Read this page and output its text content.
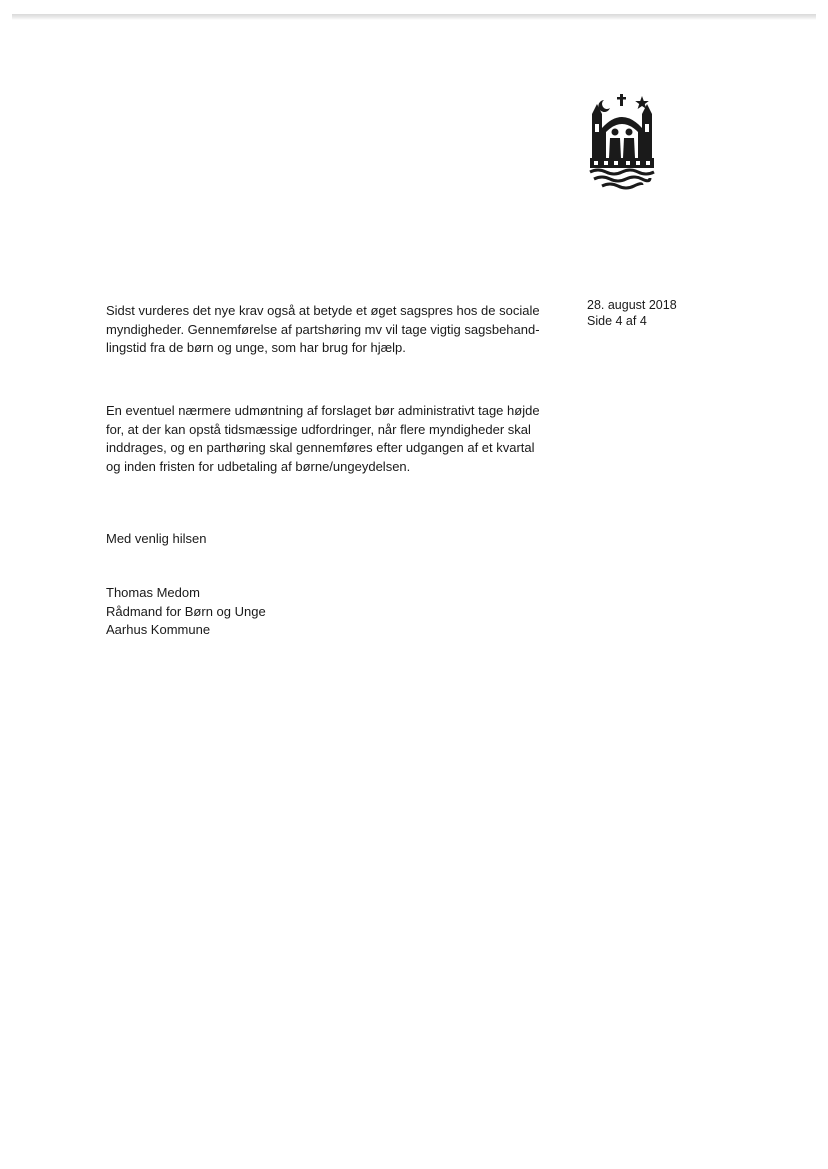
28. august 2018
Side 4 af 4
Sidst vurderes det nye krav også at betyde et øget sagspres hos de sociale
myndigheder. Gennemførelse af partshøring mv vil tage vigtig sagsbehand-
lingstid fra de børn og unge, som har brug for hjælp.
En eventuel nærmere udmøntning af forslaget bør administrativt tage højde
for, at der kan opstå tidsmæssige udfordringer, når flere myndigheder skal
inddrages, og en parthøring skal gennemføres efter udgangen af et kvartal
og inden fristen for udbetaling af børne/ungeydelsen.
Med venlig hilsen
Thomas Medom
Rådmand for Børn og Unge
Aarhus Kommune
